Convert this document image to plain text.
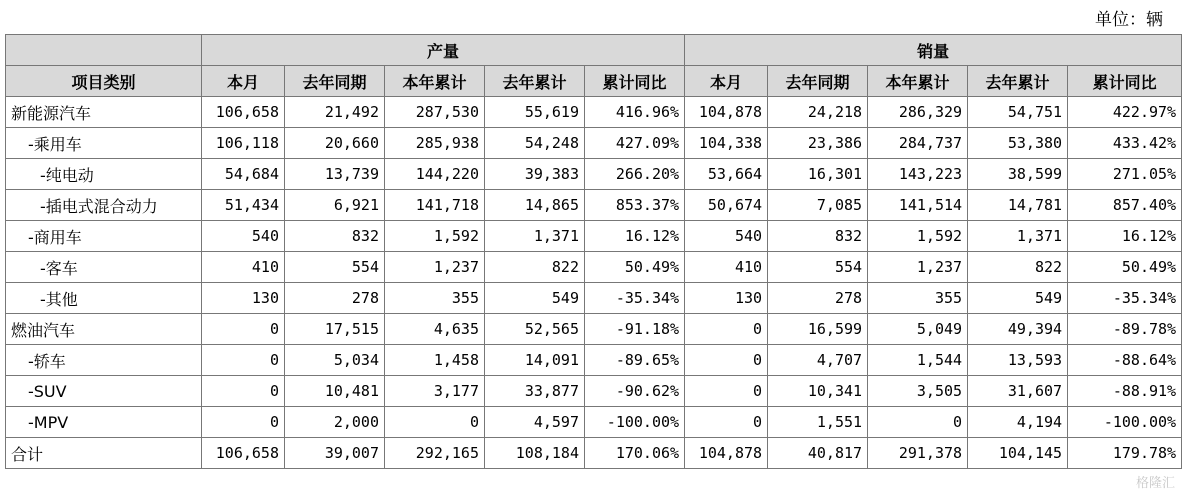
单位：辆
	产量					销量				
项目类别	本月	去年同期	本年累计	去年累计	累计同比	本月	去年同期	本年累计	去年累计	累计同比
新能源汽车	106,658	21,492	287,530	55,619	416.96%	104,878	24,218	286,329	54,751	422.97%
-乘用车	106,118	20,660	285,938	54,248	427.09%	104,338	23,386	284,737	53,380	433.42%
-纯电动	54,684	13,739	144,220	39,383	266.20%	53,664	16,301	143,223	38,599	271.05%
-插电式混合动力	51,434	6,921	141,718	14,865	853.37%	50,674	7,085	141,514	14,781	857.40%
-商用车	540	832	1,592	1,371	16.12%	540	832	1,592	1,371	16.12%
-客车	410	554	1,237	822	50.49%	410	554	1,237	822	50.49%
-其他	130	278	355	549	-35.34%	130	278	355	549	-35.34%
燃油汽车	0	17,515	4,635	52,565	-91.18%	0	16,599	5,049	49,394	-89.78%
-轿车	0	5,034	1,458	14,091	-89.65%	0	4,707	1,544	13,593	-88.64%
-SUV	0	10,481	3,177	33,877	-90.62%	0	10,341	3,505	31,607	-88.91%
-MPV	0	2,000	0	4,597	-100.00%	0	1,551	0	4,194	-100.00%
合计	106,658	39,007	292,165	108,184	170.06%	104,878	40,817	291,378	104,145	179.78%
格隆汇
